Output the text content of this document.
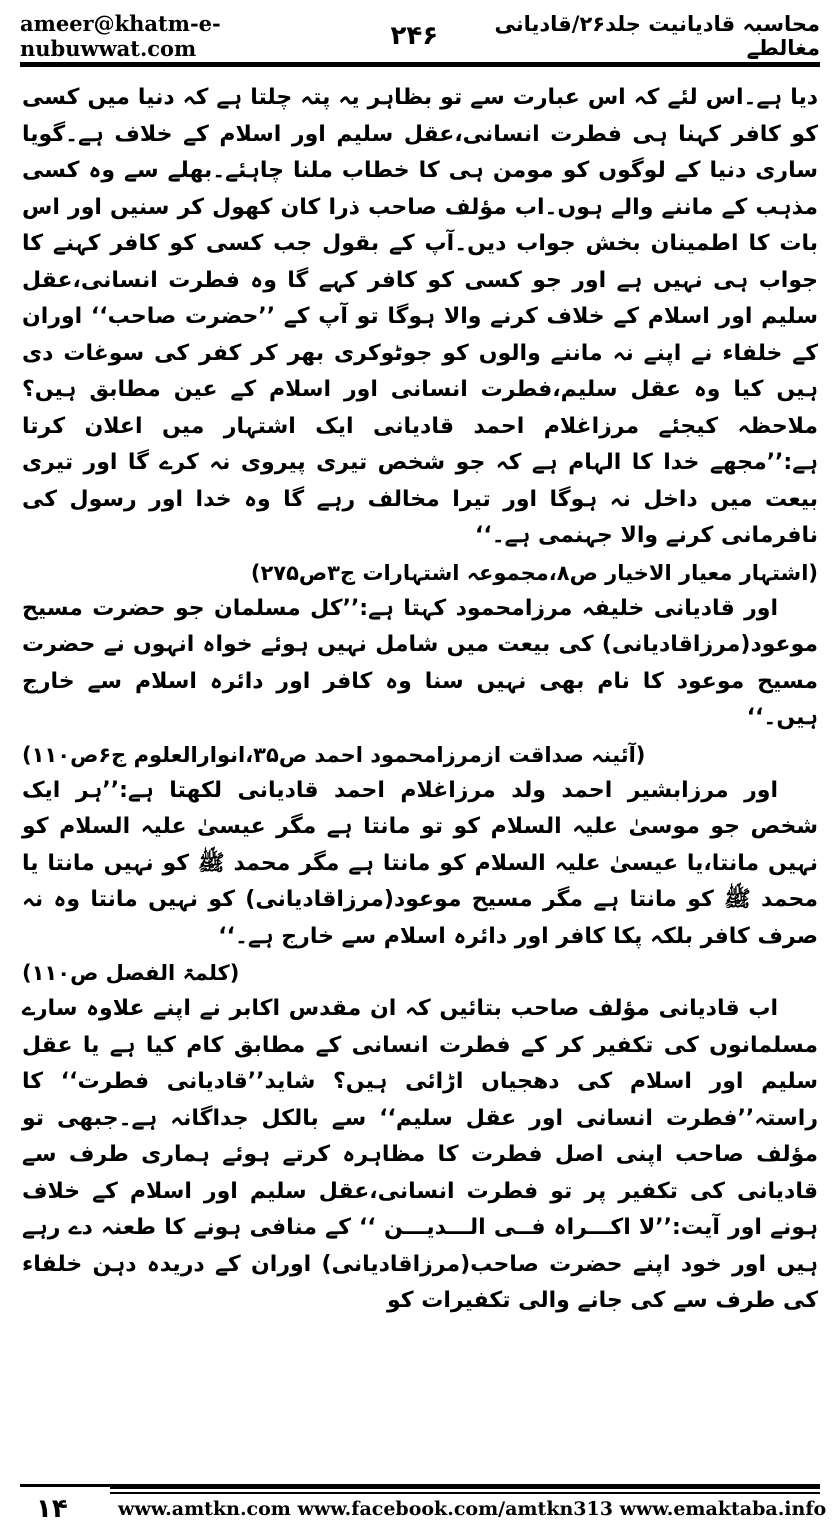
ameer@khatm-e-nubuwwat.com	۲۴۶	محاسبہ قادیانیت جلد۲۶/قادیانی مغالطے

دیا ہے۔اس لئے کہ اس عبارت سے تو بظاہر یہ پتہ چلتا ہے کہ دنیا میں کسی کو کافر کہنا ہی فطرت انسانی،عقل سلیم اور اسلام کے خلاف ہے۔گویا ساری دنیا کے لوگوں کو مومن ہی کا خطاب ملنا چاہئے۔بھلے سے وہ کسی مذہب کے ماننے والے ہوں۔اب مؤلف صاحب ذرا کان کھول کر سنیں اور اس بات کا اطمینان بخش جواب دیں۔آپ کے بقول جب کسی کو کافر کہنے کا جواب ہی نہیں ہے اور جو کسی کو کافر کہے گا وہ فطرت انسانی،عقل سلیم اور اسلام کے خلاف کرنے والا ہوگا تو آپ کے ’’حضرت صاحب‘‘ اوران کے خلفاء نے اپنے نہ ماننے والوں کو جوٹوکری بھر کر کفر کی سوغات دی ہیں کیا وہ عقل سلیم،فطرت انسانی اور اسلام کے عین مطابق ہیں؟ ملاحظہ کیجئے مرزاغلام احمد قادیانی ایک اشتہار میں اعلان کرتا ہے:’’مجھے خدا کا الہام ہے کہ جو شخص تیری پیروی نہ کرے گا اور تیری بیعت میں داخل نہ ہوگا اور تیرا مخالف رہے گا وہ خدا اور رسول کی نافرمانی کرنے والا جہنمی ہے۔‘‘

(اشتہار معیار الاخیار ص۸،مجموعہ اشتہارات ج۳ص۲۷۵)

اور قادیانی خلیفہ مرزامحمود کہتا ہے:’’کل مسلمان جو حضرت مسیح موعود(مرزاقادیانی) کی بیعت میں شامل نہیں ہوئے خواہ انہوں نے حضرت مسیح موعود کا نام بھی نہیں سنا وہ کافر اور دائرہ اسلام سے خارج ہیں۔‘‘

(آئینہ صداقت ازمرزامحمود احمد ص۳۵،انوارالعلوم ج۶ص۱۱۰)

اور مرزابشیر احمد ولد مرزاغلام احمد قادیانی لکھتا ہے:’’ہر ایک شخص جو موسیٰ علیہ السلام کو تو مانتا ہے مگر عیسیٰ علیہ السلام کو نہیں مانتا،یا عیسیٰ علیہ السلام کو مانتا ہے مگر محمد ﷺ کو نہیں مانتا یا محمد ﷺ کو مانتا ہے مگر مسیح موعود(مرزاقادیانی) کو نہیں مانتا وہ نہ صرف کافر بلکہ پکا کافر اور دائرہ اسلام سے خارج ہے۔‘‘

(کلمۃ الفصل ص۱۱۰)

اب قادیانی مؤلف صاحب بتائیں کہ ان مقدس اکابر نے اپنے علاوہ سارے مسلمانوں کی تکفیر کر کے فطرت انسانی کے مطابق کام کیا ہے یا عقل سلیم اور اسلام کی دھجیاں اڑائی ہیں؟ شاید’’قادیانی فطرت‘‘ کا راستہ’’فطرت انسانی اور عقل سلیم‘‘ سے بالکل جداگانہ ہے۔جبھی تو مؤلف صاحب اپنی اصل فطرت کا مظاہرہ کرتے ہوئے ہماری طرف سے قادیانی کی تکفیر پر تو فطرت انسانی،عقل سلیم اور اسلام کے خلاف ہونے اور آیت:’’لا اکـــراہ فــی الـــدیـــن ‘‘ کے منافی ہونے کا طعنہ دے رہے ہیں اور خود اپنے حضرت صاحب(مرزاقادیانی) اوران کے دریدہ دہن خلفاء کی طرف سے کی جانے والی تکفیرات کو

۱۴	www.amtkn.com www.facebook.com/amtkn313 www.emaktaba.info
